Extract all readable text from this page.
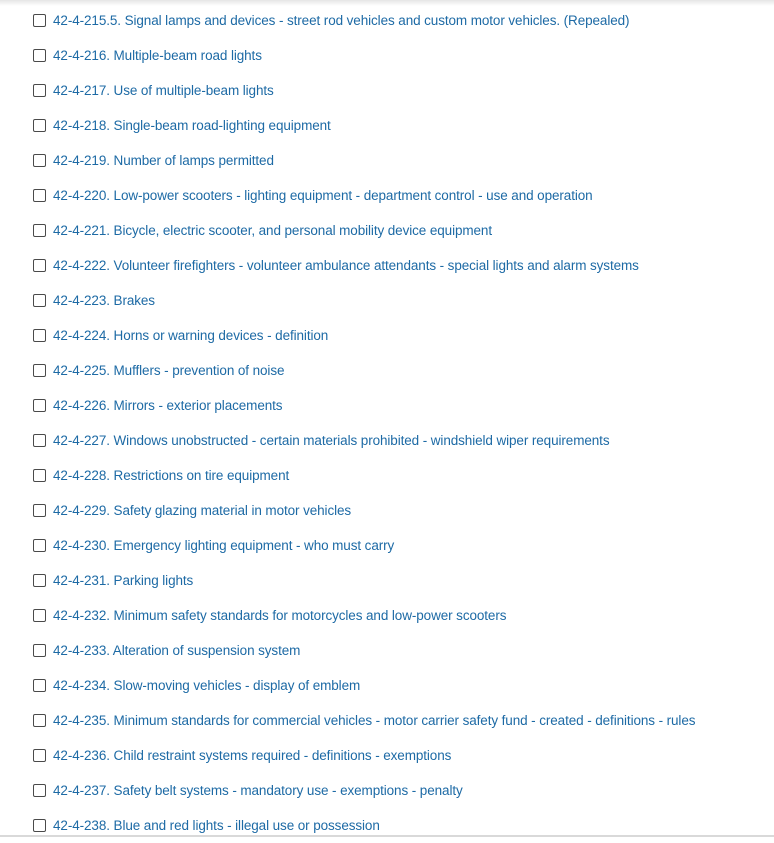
42-4-215.5. Signal lamps and devices - street rod vehicles and custom motor vehicles. (Repealed)
42-4-216. Multiple-beam road lights
42-4-217. Use of multiple-beam lights
42-4-218. Single-beam road-lighting equipment
42-4-219. Number of lamps permitted
42-4-220. Low-power scooters - lighting equipment - department control - use and operation
42-4-221. Bicycle, electric scooter, and personal mobility device equipment
42-4-222. Volunteer firefighters - volunteer ambulance attendants - special lights and alarm systems
42-4-223. Brakes
42-4-224. Horns or warning devices - definition
42-4-225. Mufflers - prevention of noise
42-4-226. Mirrors - exterior placements
42-4-227. Windows unobstructed - certain materials prohibited - windshield wiper requirements
42-4-228. Restrictions on tire equipment
42-4-229. Safety glazing material in motor vehicles
42-4-230. Emergency lighting equipment - who must carry
42-4-231. Parking lights
42-4-232. Minimum safety standards for motorcycles and low-power scooters
42-4-233. Alteration of suspension system
42-4-234. Slow-moving vehicles - display of emblem
42-4-235. Minimum standards for commercial vehicles - motor carrier safety fund - created - definitions - rules
42-4-236. Child restraint systems required - definitions - exemptions
42-4-237. Safety belt systems - mandatory use - exemptions - penalty
42-4-238. Blue and red lights - illegal use or possession
